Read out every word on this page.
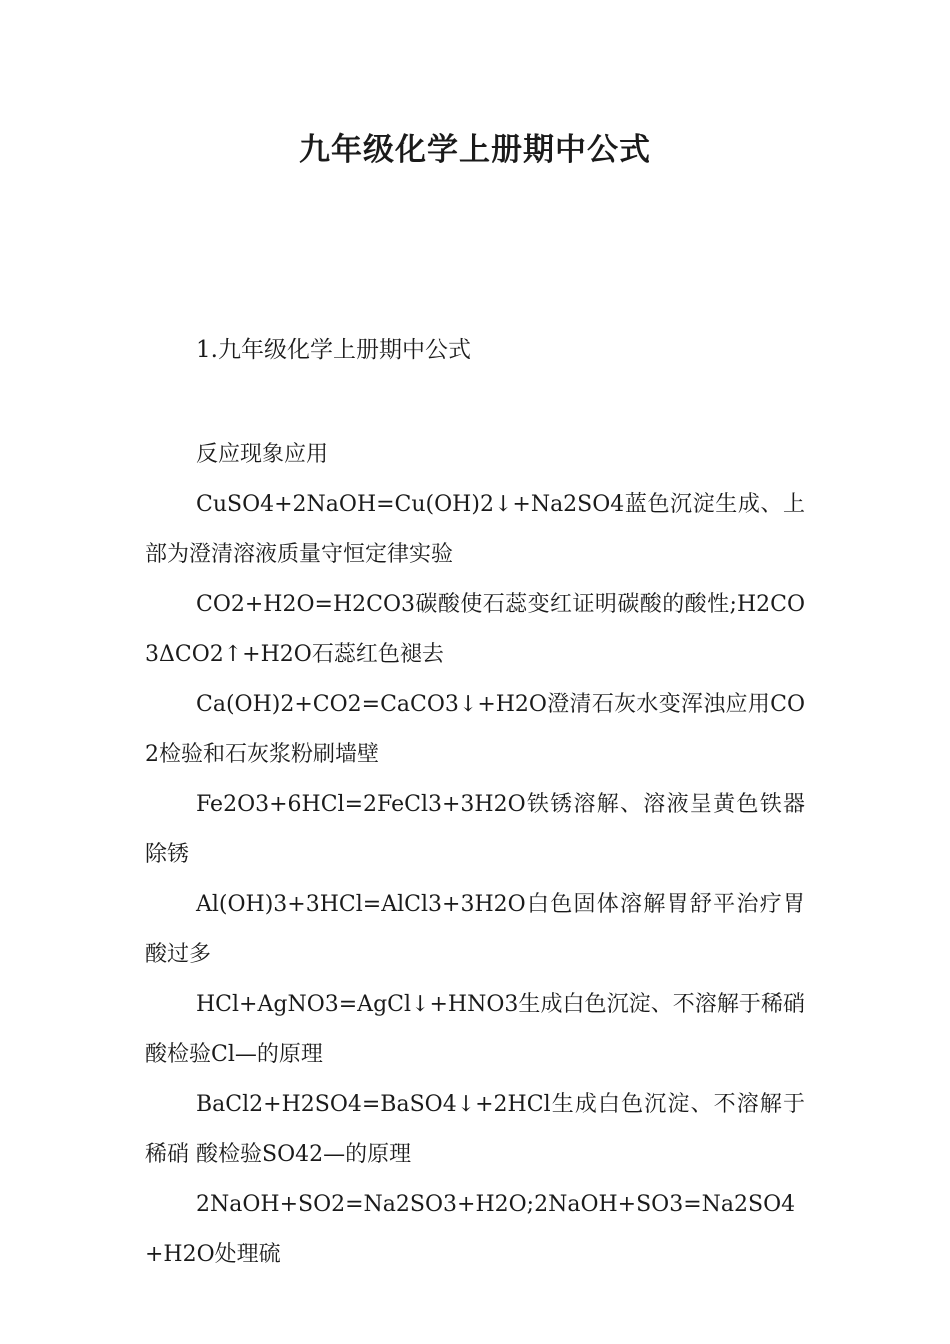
九年级化学上册期中公式
1.九年级化学上册期中公式

反应现象应用

CuSO4+2NaOH=Cu(OH)2↓+Na2SO4蓝色沉淀生成、上部为澄清溶液质量守恒定律实验

CO2+H2O=H2CO3碳酸使石蕊变红证明碳酸的酸性;H2CO3ΔCO2↑+H2O石蕊红色褪去

Ca(OH)2+CO2=CaCO3↓+H2O澄清石灰水变浑浊应用CO2检验和石灰浆粉刷墙壁

Fe2O3+6HCl=2FeCl3+3H2O铁锈溶解、溶液呈黄色铁器除锈

Al(OH)3+3HCl=AlCl3+3H2O白色固体溶解胃舒平治疗胃酸过多

HCl+AgNO3=AgCl↓+HNO3生成白色沉淀、不溶解于稀硝酸检验Cl—的原理

BaCl2+H2SO4=BaSO4↓+2HCl生成白色沉淀、不溶解于稀硝 酸检验SO42—的原理

2NaOH+SO2=Na2SO3+H2O;2NaOH+SO3=Na2SO4+H2O处理硫
